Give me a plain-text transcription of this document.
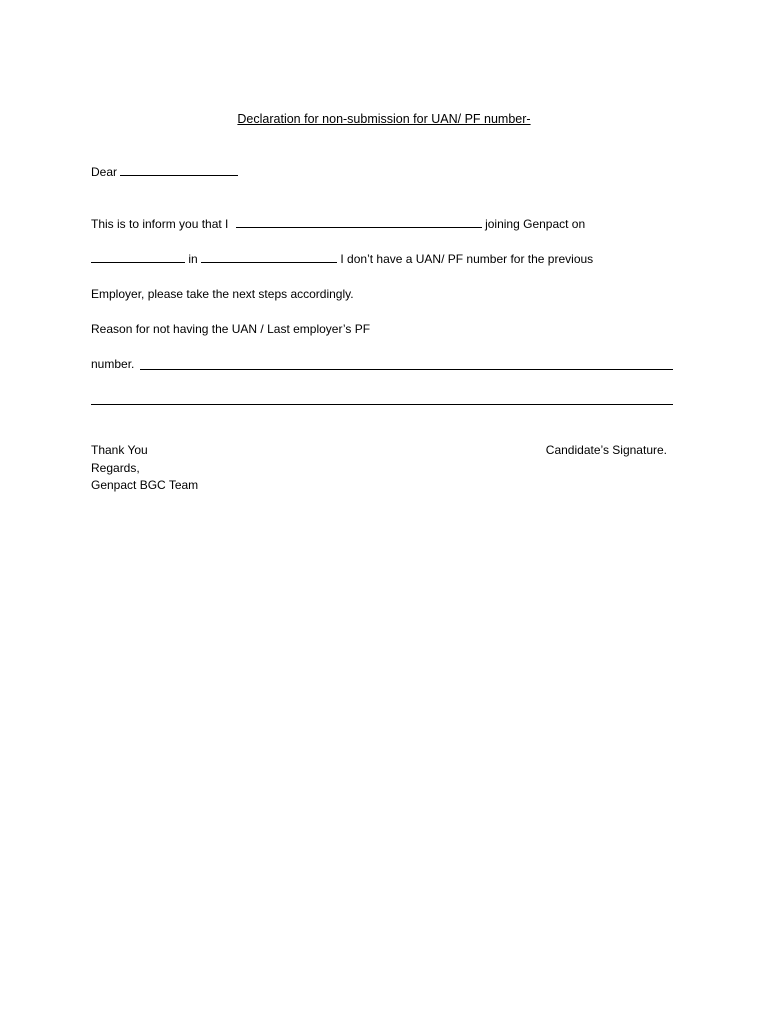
Declaration for non-submission for UAN/ PF number-
Dear
This is to inform you that I	joining Genpact on
in	I don’t have a UAN/ PF number for the previous
Employer, please take the next steps accordingly.
Reason for not having the UAN / Last employer’s PF
number.
Thank You
Regards,
Genpact BGC Team
Candidate’s Signature.
